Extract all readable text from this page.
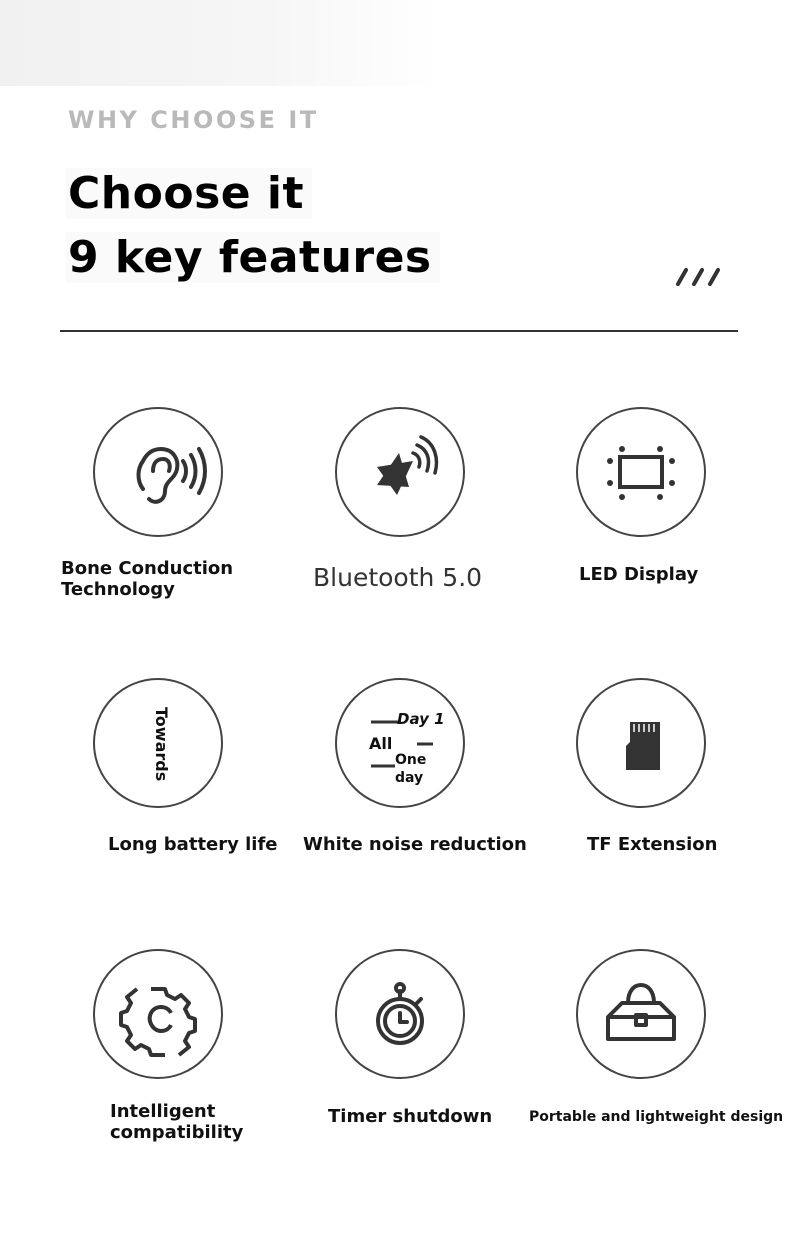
WHY CHOOSE IT
Choose it
9 key features
Bone Conduction
Technology	Bluetooth 5.0	LED Display
Towards
Long battery life
Day 1
All
One
day
White noise reduction	TF Extension
Intelligent
compatibility
Timer shutdown	Portable and lightweight design
